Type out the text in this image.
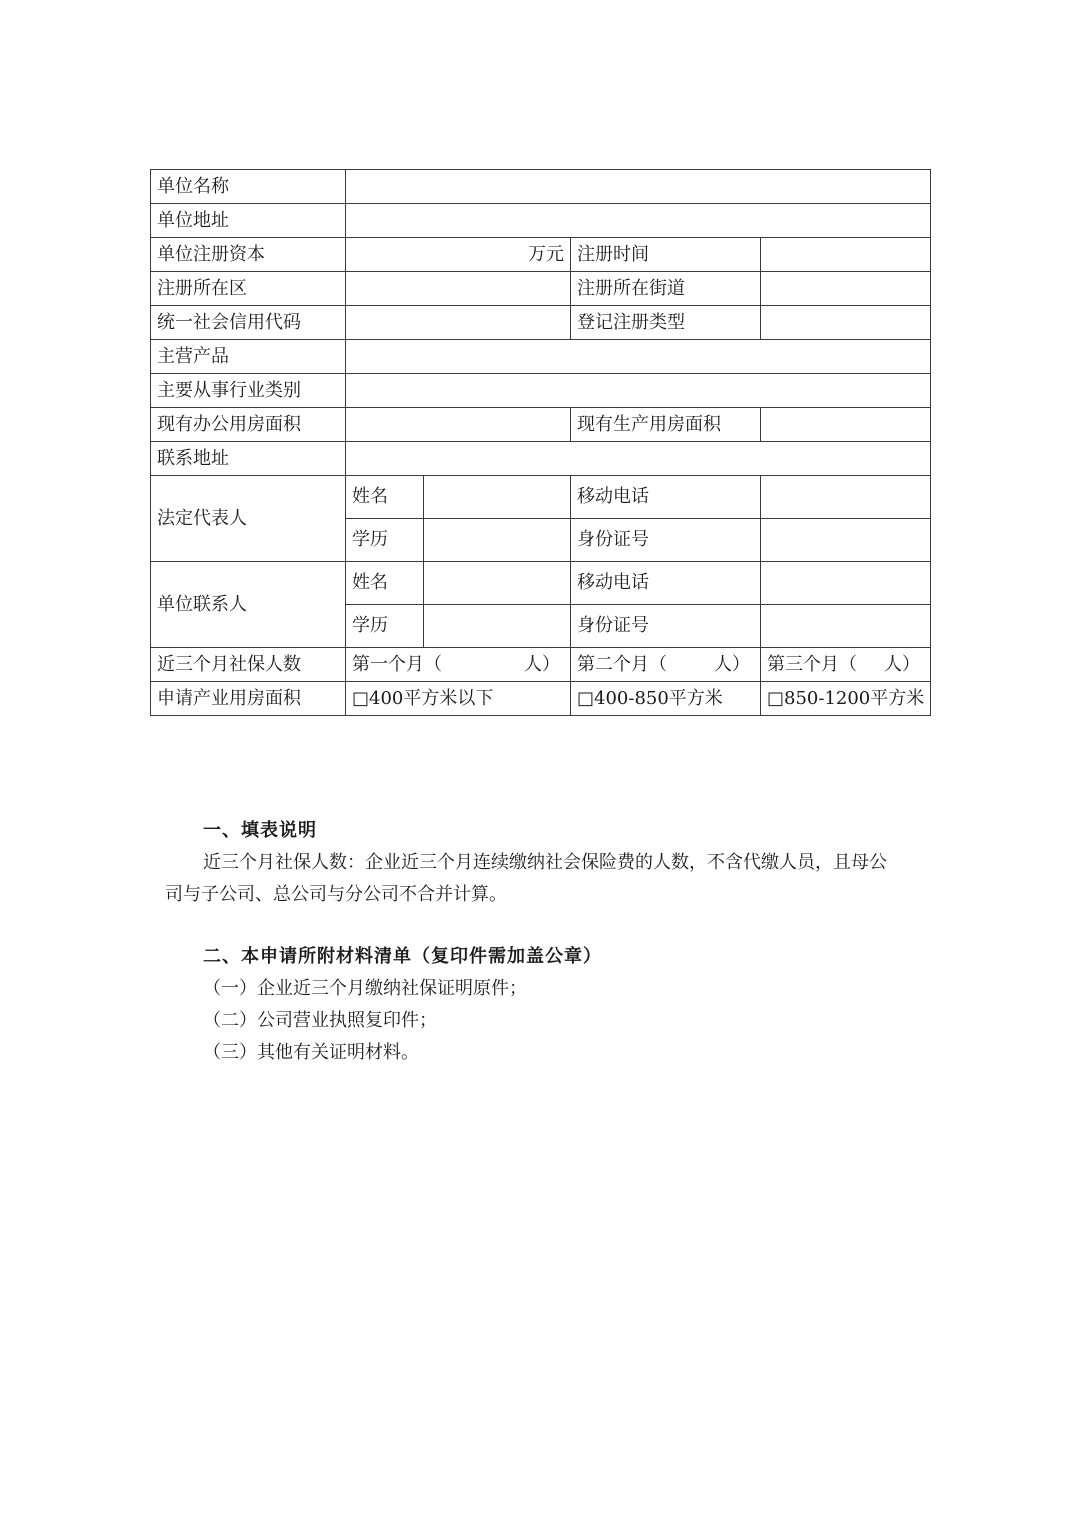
单位名称				
单位地址				
单位注册资本	万元		注册时间	
注册所在区			注册所在街道	
统一社会信用代码			登记注册类型	
主营产品				
主要从事行业类别				
现有办公用房面积			现有生产用房面积	
联系地址				
法定代表人	姓名		移动电话	
	学历		身份证号	
单位联系人	姓名		移动电话	
	学历		身份证号	
近三个月社保人数	第一个月（ 人）		第二个月（ 人）	第三个月（ 人）

申请产业用房面积	□400平方米以下		□400-850平方米	□850-1200平方米
一、填表说明

近三个月社保人数：企业近三个月连续缴纳社会保险费的人数，不含代缴人员，且母公
司与子公司、总公司与分公司不合并计算。

二、本申请所附材料清单（复印件需加盖公章）
（一）企业近三个月缴纳社保证明原件；
（二）公司营业执照复印件；
（三）其他有关证明材料。
